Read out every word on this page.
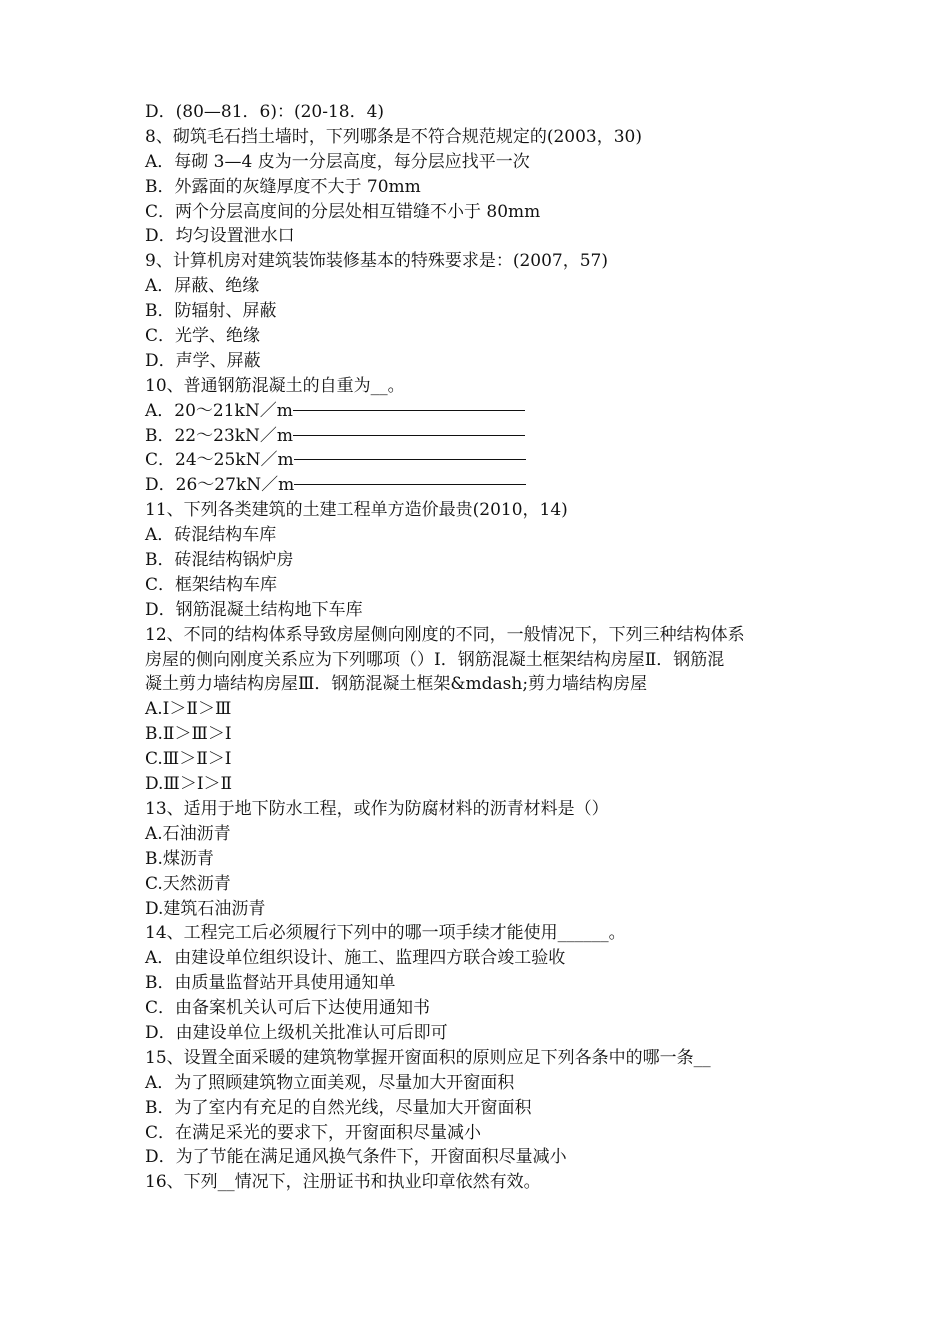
D．(80—81．6)：(20-18．4)
8、砌筑毛石挡土墙时，下列哪条是不符合规范规定的(2003，30)
A．每砌 3—4 皮为一分层高度，每分层应找平一次
B．外露面的灰缝厚度不大于 70mm
C．两个分层高度间的分层处相互错缝不小于 80mm
D．均匀设置泄水口
9、计算机房对建筑装饰装修基本的特殊要求是：(2007，57)
A．屏蔽、绝缘
B．防辐射、屏蔽
C．光学、绝缘
D．声学、屏蔽
10、普通钢筋混凝土的自重为__。
A．20～21kN／m
B．22～23kN／m
C．24～25kN／m
D．26～27kN／m
11、下列各类建筑的土建工程单方造价最贵(2010，14)
A．砖混结构车库
B．砖混结构锅炉房
C．框架结构车库
D．钢筋混凝土结构地下车库
12、不同的结构体系导致房屋侧向刚度的不同，一般情况下，下列三种结构体系
房屋的侧向刚度关系应为下列哪项（）Ⅰ．钢筋混凝土框架结构房屋Ⅱ．钢筋混
凝土剪力墙结构房屋Ⅲ．钢筋混凝土框架&mdash;剪力墙结构房屋
A.Ⅰ＞Ⅱ＞Ⅲ
B.Ⅱ＞Ⅲ＞Ⅰ
C.Ⅲ＞Ⅱ＞Ⅰ
D.Ⅲ＞Ⅰ＞Ⅱ
13、适用于地下防水工程，或作为防腐材料的沥青材料是（）
A.石油沥青
B.煤沥青
C.天然沥青
D.建筑石油沥青
14、工程完工后必须履行下列中的哪一项手续才能使用______。
A．由建设单位组织设计、施工、监理四方联合竣工验收
B．由质量监督站开具使用通知单
C．由备案机关认可后下达使用通知书
D．由建设单位上级机关批准认可后即可
15、设置全面采暖的建筑物掌握开窗面积的原则应足下列各条中的哪一条__
A．为了照顾建筑物立面美观，尽量加大开窗面积
B．为了室内有充足的自然光线，尽量加大开窗面积
C．在满足采光的要求下，开窗面积尽量减小
D．为了节能在满足通风换气条件下，开窗面积尽量减小
16、下列__情况下，注册证书和执业印章依然有效。
